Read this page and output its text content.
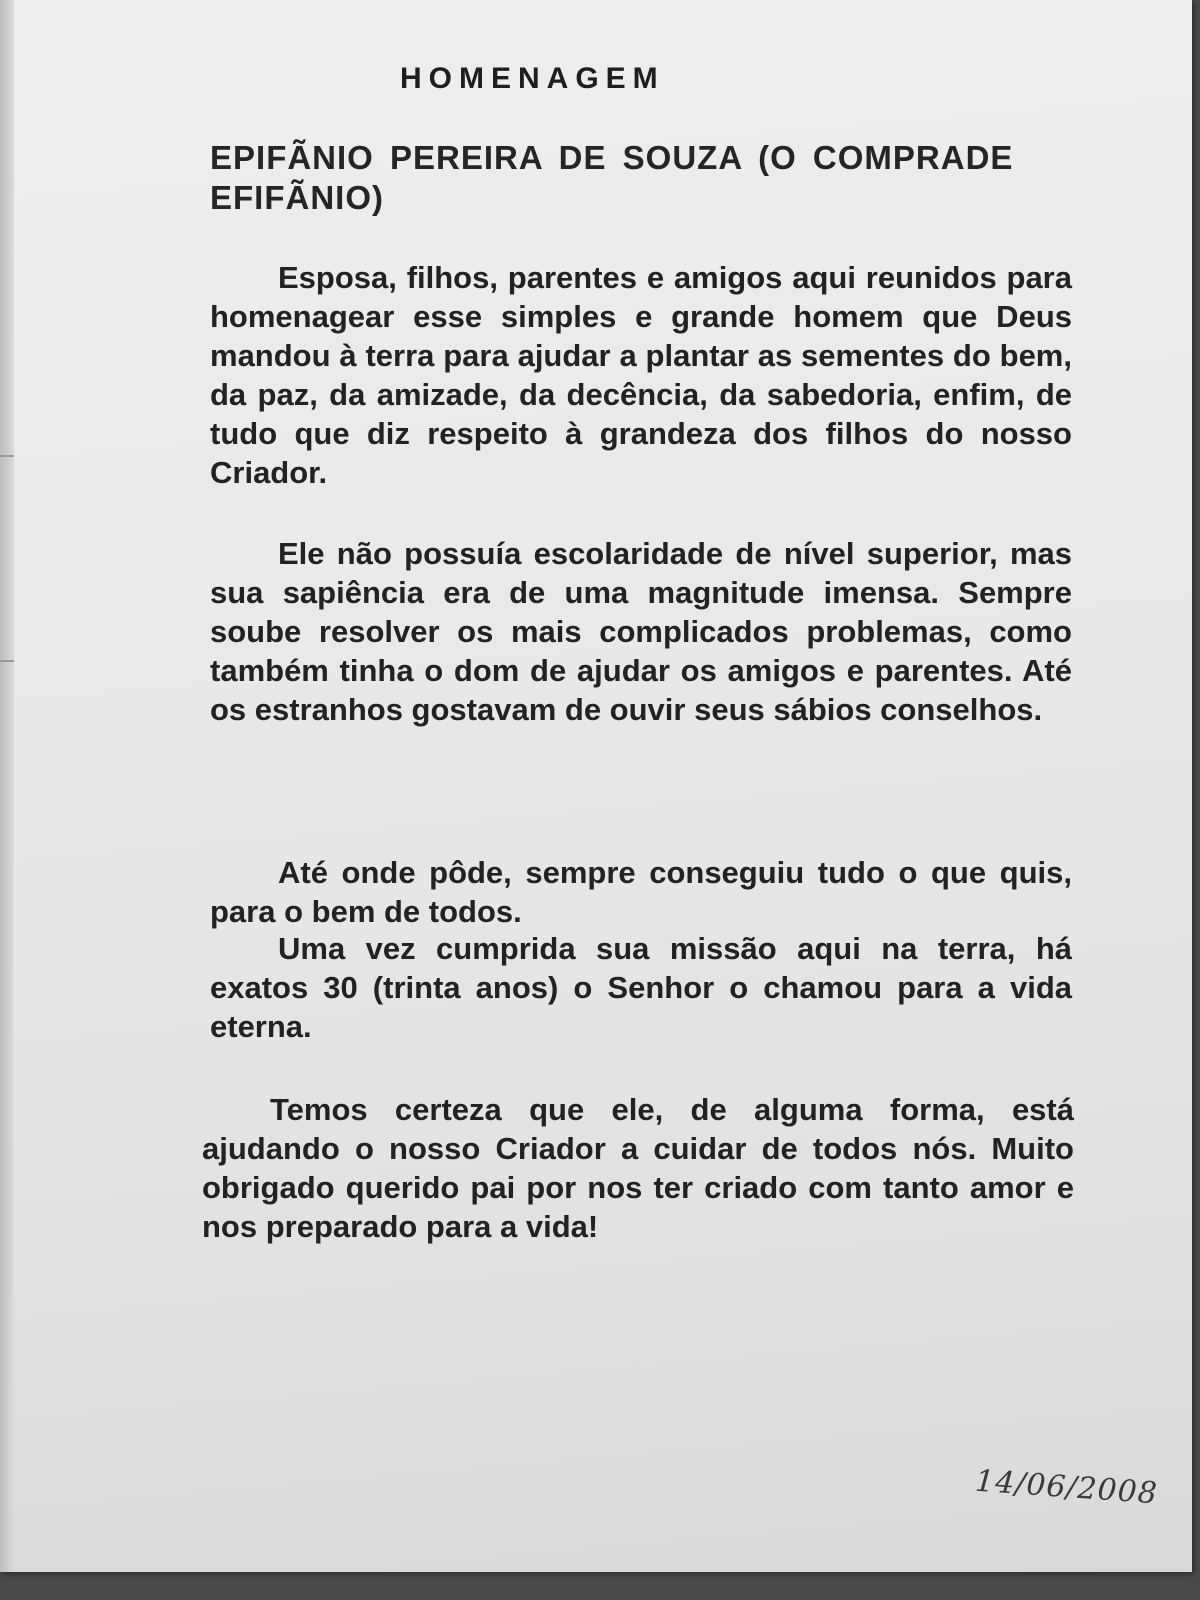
HOMENAGEM
EPIFÃNIO PEREIRA DE SOUZA (O COMPRADE EFIFÃNIO)

Esposa, filhos, parentes e amigos aqui reunidos para homenagear esse simples e grande homem que Deus mandou à terra para ajudar a plantar as sementes do bem, da paz, da amizade, da decência, da sabedoria, enfim, de tudo que diz respeito à grandeza dos filhos do nosso Criador.

Ele não possuía escolaridade de nível superior, mas sua sapiência era de uma magnitude imensa. Sempre soube resolver os mais complicados problemas, como também tinha o dom de ajudar os amigos e parentes. Até os estranhos gostavam de ouvir seus sábios conselhos.

Até onde pôde, sempre conseguiu tudo o que quis, para o bem de todos.

Uma vez cumprida sua missão aqui na terra, há exatos 30 (trinta anos) o Senhor o chamou para a vida eterna.

Temos certeza que ele, de alguma forma, está ajudando o nosso Criador a cuidar de todos nós. Muito obrigado querido pai por nos ter criado com tanto amor e nos preparado para a vida!

14/06/2008
